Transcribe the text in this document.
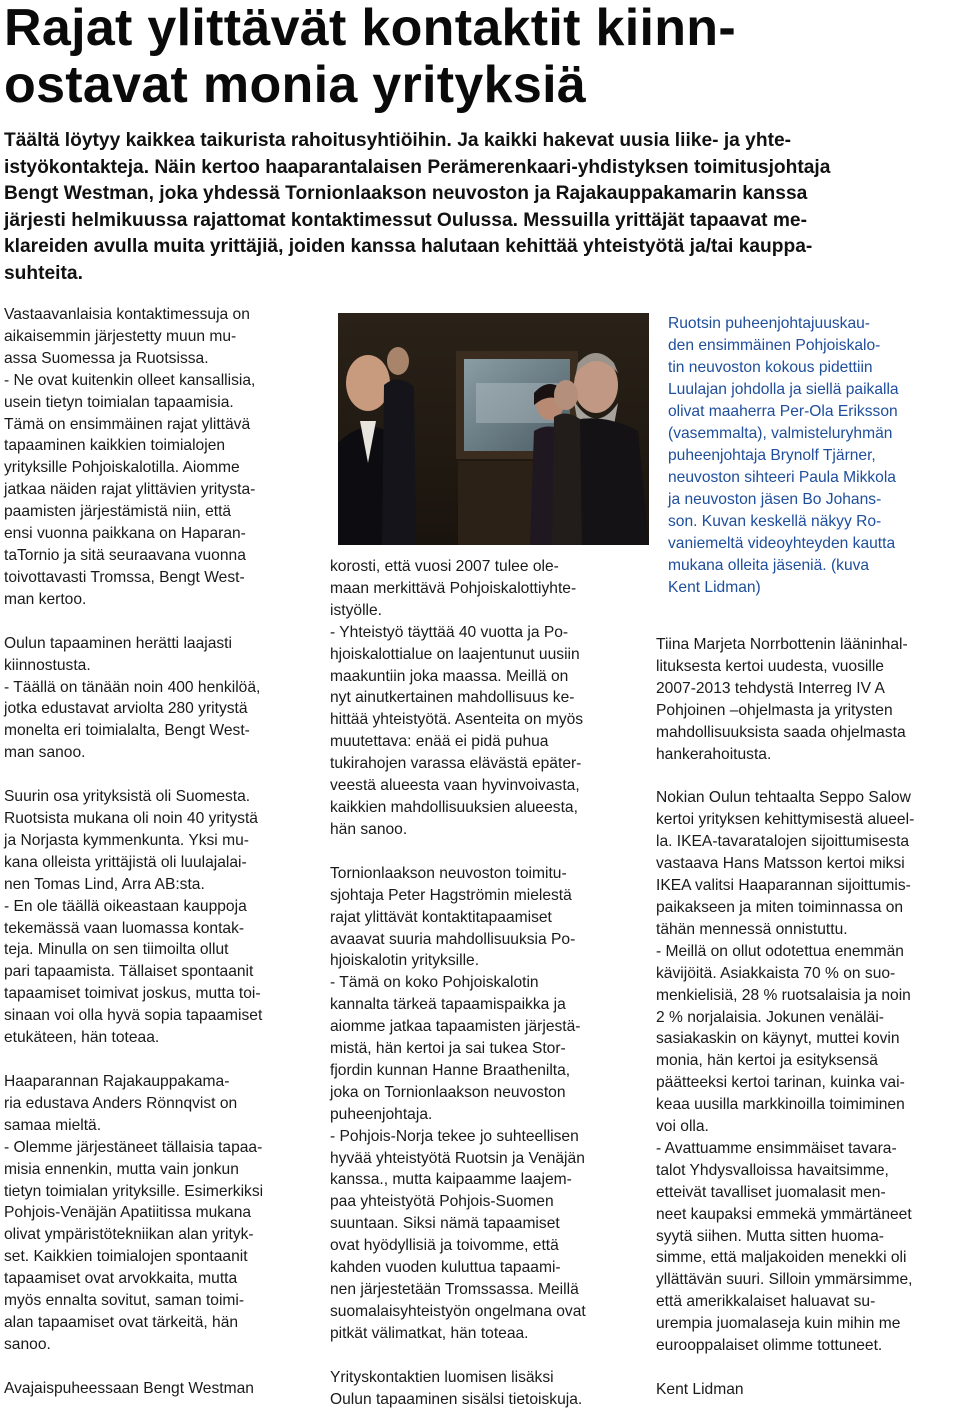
Rajat ylittävät kontaktit kiinn-
ostavat monia yrityksiä
Täältä löytyy kaikkea taikurista rahoitusyhtiöihin. Ja kaikki hakevat uusia liike- ja yhte-
istyökontakteja. Näin kertoo haaparantalaisen Perämerenkaari-yhdistyksen toimitusjohtaja
Bengt Westman, joka yhdessä Tornionlaakson neuvoston ja Rajakauppakamarin kanssa
järjesti helmikuussa rajattomat kontaktimessut Oulussa. Messuilla yrittäjät tapaavat me-
klareiden avulla muita yrittäjiä, joiden kanssa halutaan kehittää yhteistyötä ja/tai kauppa-
suhteita.

Vastaavanlaisia kontaktimessuja on
aikaisemmin järjestetty muun mu-
assa Suomessa ja Ruotsissa.
- Ne ovat kuitenkin olleet kansallisia,
usein tietyn toimialan tapaamisia.
Tämä on ensimmäinen rajat ylittävä
tapaaminen kaikkien toimialojen
yrityksille Pohjoiskalotilla. Aiomme
jatkaa näiden rajat ylittävien yritysta-
paamisten järjestämistä niin, että
ensi vuonna paikkana on Haparan-
taTornio ja sitä seuraavana vuonna
toivottavasti Tromssa, Bengt West-
man kertoo.

Oulun tapaaminen herätti laajasti
kiinnostusta.
- Täällä on tänään noin 400 henkilöä,
jotka edustavat arviolta 280 yritystä
monelta eri toimialalta, Bengt West-
man sanoo.

Suurin osa yrityksistä oli Suomesta.
Ruotsista mukana oli noin 40 yritystä
ja Norjasta kymmenkunta. Yksi mu-
kana olleista yrittäjistä oli luulajalai-
nen Tomas Lind, Arra AB:sta.
- En ole täällä oikeastaan kauppoja
tekemässä vaan luomassa kontak-
teja. Minulla on sen tiimoilta ollut
pari tapaamista. Tällaiset spontaanit
tapaamiset toimivat joskus, mutta toi-
sinaan voi olla hyvä sopia tapaamiset
etukäteen, hän toteaa.

Haaparannan Rajakauppakama-
ria edustava Anders Rönnqvist on
samaa mieltä.
- Olemme järjestäneet tällaisia tapaa-
misia ennenkin, mutta vain jonkun
tietyn toimialan yrityksille. Esimerkiksi
Pohjois-Venäjän Apatiitissa mukana
olivat ympäristötekniikan alan yrityk-
set. Kaikkien toimialojen spontaanit
tapaamiset ovat arvokkaita, mutta
myös ennalta sovitut, saman toimi-
alan tapaamiset ovat tärkeitä, hän
sanoo.

Avajaispuheessaan Bengt Westman

Ruotsin puheenjohtajuuskau-
den ensimmäinen Pohjoiskalo-
tin neuvoston kokous pidettiin
Luulajan johdolla ja siellä paikalla
olivat maaherra Per-Ola Eriksson
(vasemmalta), valmisteluryhmän
puheenjohtaja Brynolf Tjärner,
neuvoston sihteeri Paula Mikkola
ja neuvoston jäsen Bo Johans-
son. Kuvan keskellä näkyy Ro-
vaniemeltä videoyhteyden kautta
mukana olleita jäseniä. (kuva
Kent Lidman)

korosti, että vuosi 2007 tulee ole-
maan merkittävä Pohjoiskalottiyhte-
istyölle.
- Yhteistyö täyttää 40 vuotta ja Po-
hjoiskalottialue on laajentunut uusiin
maakuntiin joka maassa. Meillä on
nyt ainutkertainen mahdollisuus ke-
hittää yhteistyötä. Asenteita on myös
muutettava: enää ei pidä puhua
tukirahojen varassa elävästä epäter-
veestä alueesta vaan hyvinvoivasta,
kaikkien mahdollisuuksien alueesta,
hän sanoo.

Tornionlaakson neuvoston toimitu-
sjohtaja Peter Hagströmin mielestä
rajat ylittävät kontaktitapaamiset
avaavat suuria mahdollisuuksia Po-
hjoiskalotin yrityksille.
- Tämä on koko Pohjoiskalotin
kannalta tärkeä tapaamispaikka ja
aiomme jatkaa tapaamisten järjestä-
mistä, hän kertoi ja sai tukea Stor-
fjordin kunnan Hanne Braathenilta,
joka on Tornionlaakson neuvoston
puheenjohtaja.
- Pohjois-Norja tekee jo suhteellisen
hyvää yhteistyötä Ruotsin ja Venäjän
kanssa., mutta kaipaamme laajem-
paa yhteistyötä Pohjois-Suomen
suuntaan. Siksi nämä tapaamiset
ovat hyödyllisiä ja toivomme, että
kahden vuoden kuluttua tapaami-
nen järjestetään Tromssassa. Meillä
suomalaisyhteistyön ongelmana ovat
pitkät välimatkat, hän toteaa.

Yrityskontaktien luomisen lisäksi
Oulun tapaaminen sisälsi tietoiskuja.

Tiina Marjeta Norrbottenin lääninhal-
lituksesta kertoi uudesta, vuosille
2007-2013 tehdystä Interreg IV A
Pohjoinen –ohjelmasta ja yritysten
mahdollisuuksista saada ohjelmasta
hankerahoitusta.

Nokian Oulun tehtaalta Seppo Salow
kertoi yrityksen kehittymisestä alueel-
la. IKEA-tavaratalojen sijoittumisesta
vastaava Hans Matsson kertoi miksi
IKEA valitsi Haaparannan sijoittumis-
paikakseen ja miten toiminnassa on
tähän mennessä onnistuttu.
- Meillä on ollut odotettua enemmän
kävijöitä. Asiakkaista 70 % on suo-
menkielisiä, 28 % ruotsalaisia ja noin
2 % norjalaisia. Jokunen venäläi-
sasiakaskin on käynyt, muttei kovin
monia, hän kertoi ja esityksensä
päätteeksi kertoi tarinan, kuinka vai-
keaa uusilla markkinoilla toimiminen
voi olla.
- Avattuamme ensimmäiset tavara-
talot Yhdysvalloissa havaitsimme,
etteivät tavalliset juomalasit men-
neet kaupaksi emmekä ymmärtäneet
syytä siihen. Mutta sitten huoma-
simme, että maljakoiden menekki oli
yllättävän suuri. Silloin ymmärsimme,
että amerikkalaiset haluavat su-
urempia juomalaseja kuin mihin me
eurooppalaiset olimme tottuneet.

Kent Lidman
